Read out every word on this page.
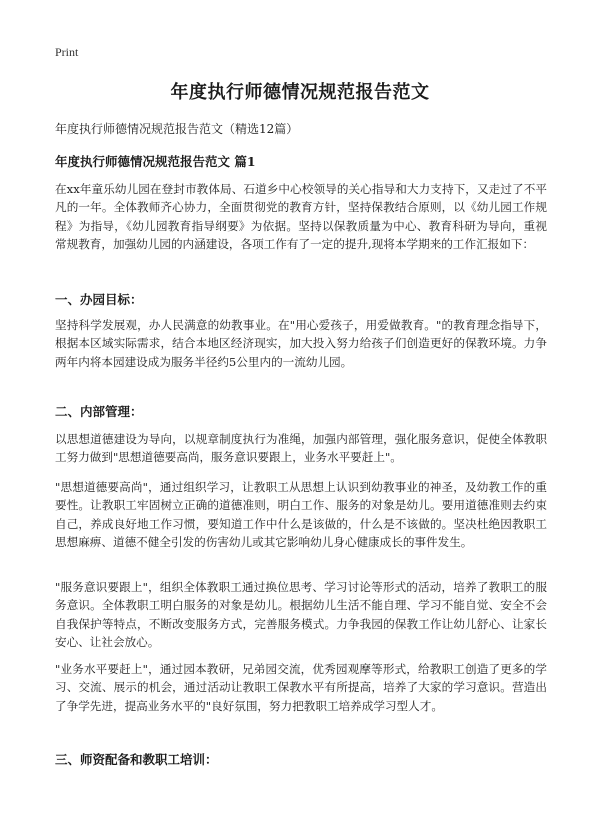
Print
年度执行师德情况规范报告范文
年度执行师德情况规范报告范文（精选12篇）
年度执行师德情况规范报告范文 篇1
在xx年童乐幼儿园在登封市教体局、石道乡中心校领导的关心指导和大力支持下，又走过了不平凡的一年。全体教师齐心协力，全面贯彻党的教育方针，坚持保教结合原则，以《幼儿园工作规程》为指导，《幼儿园教育指导纲要》为依据。坚持以保教质量为中心、教育科研为导向，重视常规教育，加强幼儿园的内涵建设，各项工作有了一定的提升,现将本学期来的工作汇报如下：
一、办园目标：
坚持科学发展观，办人民满意的幼教事业。在"用心爱孩子，用爱做教育。"的教育理念指导下，根据本区域实际需求，结合本地区经济现实，加大投入努力给孩子们创造更好的保教环境。力争两年内将本园建设成为服务半径约5公里内的一流幼儿园。
二、内部管理：
以思想道德建设为导向，以规章制度执行为准绳，加强内部管理，强化服务意识，促使全体教职工努力做到"思想道德要高尚，服务意识要跟上，业务水平要赶上"。
"思想道德要高尚"，通过组织学习，让教职工从思想上认识到幼教事业的神圣，及幼教工作的重要性。让教职工牢固树立正确的道德准则，明白工作、服务的对象是幼儿。要用道德准则去约束自己，养成良好地工作习惯，要知道工作中什么是该做的，什么是不该做的。坚决杜绝因教职工思想麻痹、道德不健全引发的伤害幼儿或其它影响幼儿身心健康成长的事件发生。
"服务意识要跟上"，组织全体教职工通过换位思考、学习讨论等形式的活动，培养了教职工的服务意识。全体教职工明白服务的对象是幼儿。根据幼儿生活不能自理、学习不能自觉、安全不会自我保护等特点，不断改变服务方式，完善服务模式。力争我园的保教工作让幼儿舒心、让家长安心、让社会放心。
"业务水平要赶上"，通过园本教研，兄弟园交流，优秀园观摩等形式，给教职工创造了更多的学习、交流、展示的机会，通过活动让教职工保教水平有所提高，培养了大家的学习意识。营造出了争学先进，提高业务水平的"良好氛围，努力把教职工培养成学习型人才。
三、师资配备和教职工培训：
